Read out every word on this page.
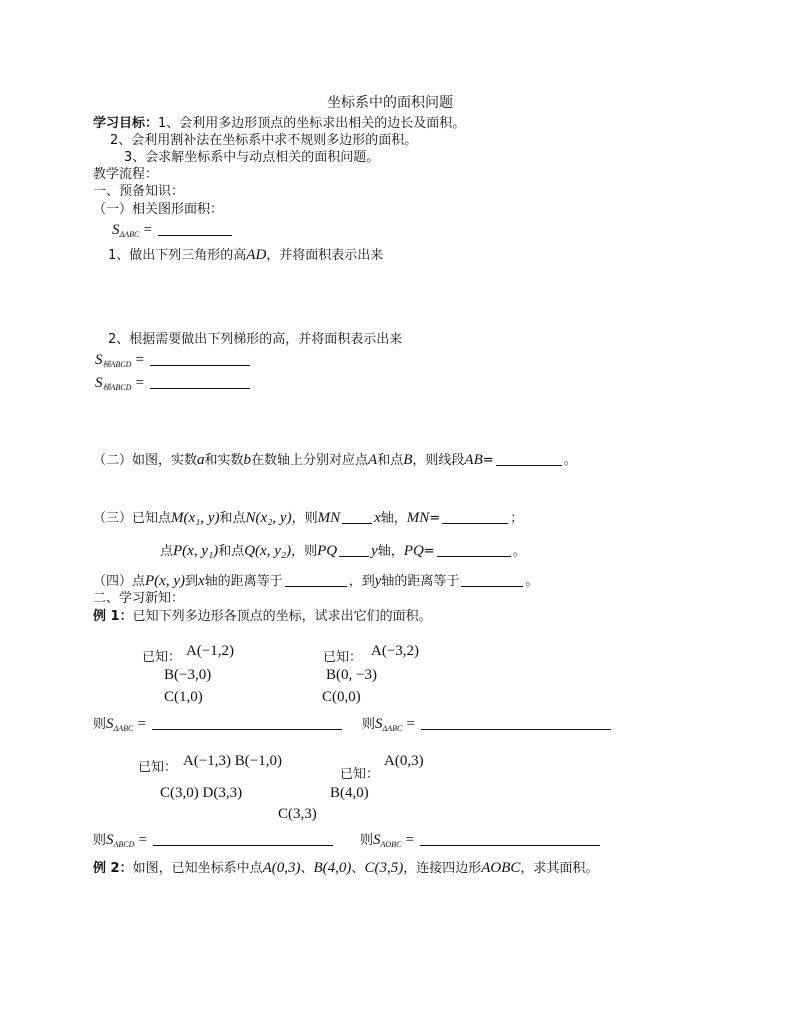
坐标系中的面积问题
学习目标：1、会利用多边形顶点的坐标求出相关的边长及面积。
2、会利用割补法在坐标系中求不规则多边形的面积。
3、会求解坐标系中与动点相关的面积问题。
教学流程：
一、预备知识：
（一）相关图形面积：
$S_{\Delta ABC}$ =
1、做出下列三角形的高AD，并将面积表示出来
2、根据需要做出下列梯形的高，并将面积表示出来
$S_{梯ABCD}$ =
$S_{梯ABCD}$ =
（二）如图，实数a和实数b在数轴上分别对应点A和点B，则线段AB=	。
（三）已知点M(x₁, y)和点N(x₂, y)，则MN x轴，MN=	；
点P(x, y₁)和点Q(x, y₂)，则PQ y轴，PQ=	。
（四）点P(x, y)到x轴的距离等于	，到y轴的距离等于	。
二、学习新知：
例 1：已知下列多边形各顶点的坐标，试求出它们的面积。
已知： A(−1,2)
B(−3,0)
C(1,0)
已知： A(−3,2)
B(0, −3)
C(0,0)
则$S_{\Delta ABC}$ =	则$S_{\Delta ABC}$ =
已知： A(−1,3) B(−1,0)
C(3,0) D(3,3)
已知：
A(0,3)
B(4,0)
C(3,3)
则$S_{ABCD}$ =	则$S_{AOBC}$ =
例 2：如图，已知坐标系中点A(0,3)、B(4,0)、C(3,5)，连接四边形AOBC，求其面积。
